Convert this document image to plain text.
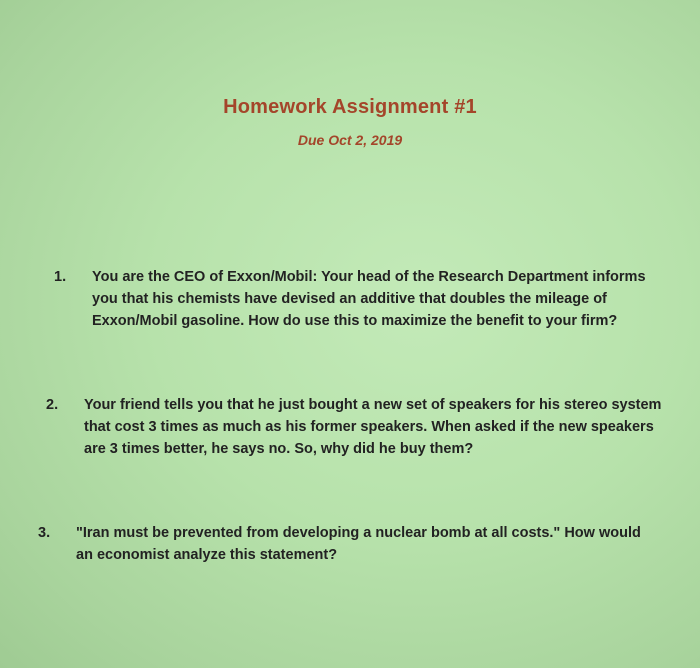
Homework Assignment #1
Due Oct 2, 2019
1.	You are the CEO of Exxon/Mobil: Your head of the Research Department informs you that his chemists have devised an additive that doubles the mileage of Exxon/Mobil gasoline. How do use this to maximize the benefit to your firm?
2.	Your friend tells you that he just bought a new set of speakers for his stereo system that cost 3 times as much as his former speakers. When asked if the new speakers are 3 times better, he says no. So, why did he buy them?
3.	"Iran must be prevented from developing a nuclear bomb at all costs." How would an economist analyze this statement?
